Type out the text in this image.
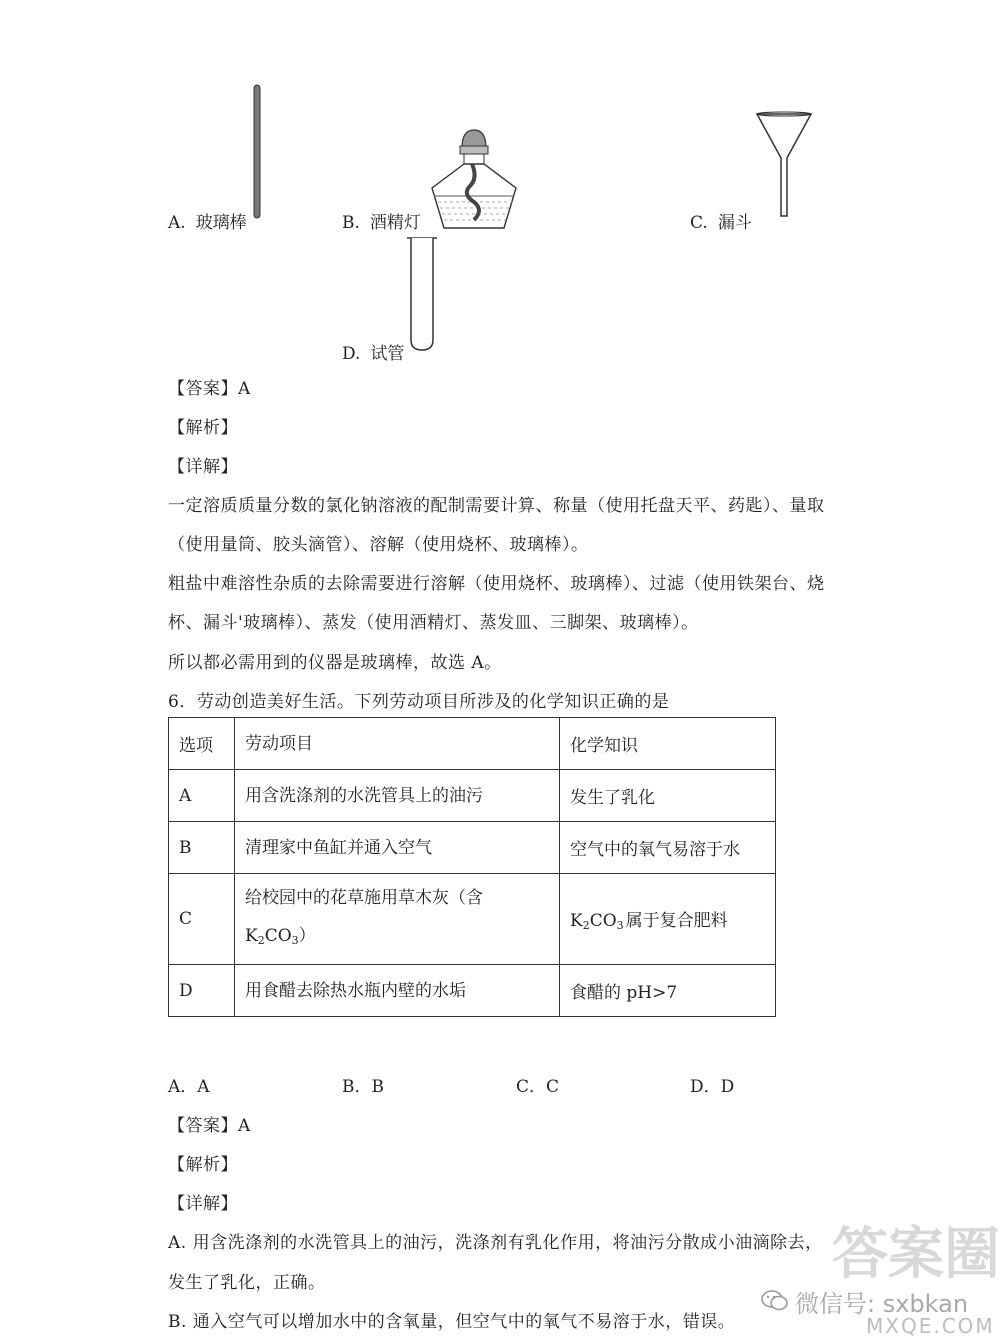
A. 玻璃棒	B. 酒精灯	C. 漏斗
D. 试管
【答案】A
【解析】
【详解】
一定溶质质量分数的氯化钠溶液的配制需要计算、称量（使用托盘天平、药匙）、量取
（使用量筒、胶头滴管）、溶解（使用烧杯、玻璃棒）。
粗盐中难溶性杂质的去除需要进行溶解（使用烧杯、玻璃棒）、过滤（使用铁架台、烧
杯、漏斗'玻璃棒）、蒸发（使用酒精灯、蒸发皿、三脚架、玻璃棒）。
所以都必需用到的仪器是玻璃棒，故选 A。
6．劳动创造美好生活。下列劳动项目所涉及的化学知识正确的是
选项	劳动项目	化学知识
A	用含洗涤剂的水洗管具上的油污	发生了乳化
B	清理家中鱼缸并通入空气	空气中的氧气易溶于水
C	给校园中的花草施用草木灰（含
$K_2CO_3$）	$K_2CO_3$ 属于复合肥料
D	用食醋去除热水瓶内壁的水垢	食醋的 pH>7
A．A	B．B	C．C	D．D
【答案】A
【解析】
【详解】
A. 用含洗涤剂的水洗管具上的油污，洗涤剂有乳化作用，将油污分散成小油滴除去，
发生了乳化，正确。
B. 通入空气可以增加水中的含氧量，但空气中的氧气不易溶于水，错误。
微信号: sxbkan
答案圈
MXQE.COM
